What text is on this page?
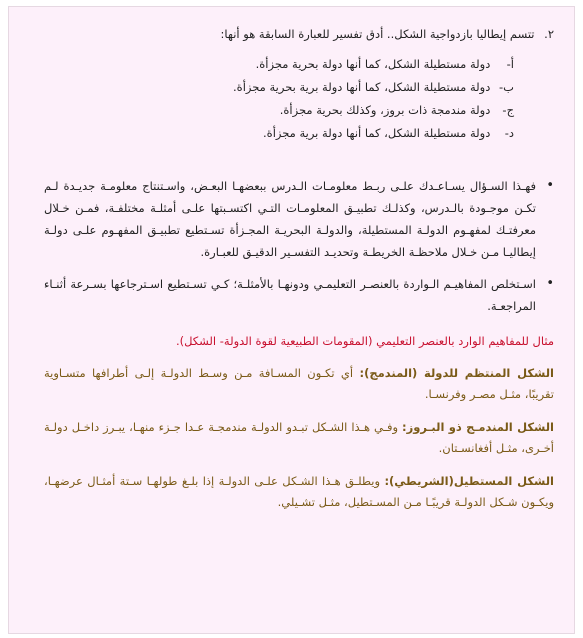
٢. تتسم إيطاليا بازدواجية الشكل.. أدق تفسير للعبارة السابقة هو أنها:
أ- دولة مستطيلة الشكل، كما أنها دولة بحرية مجزأة.
ب- دولة مستطيلة الشكل، كما أنها دولة برية بحرية مجزأة.
ج- دولة مندمجة ذات بروز، وكذلك بحرية مجزأة.
د- دولة مستطيلة الشكل، كما أنها دولة برية مجزأة.
•
فهـذا السـؤال يسـاعـدك علـى ربـط معلومـات الـدرس ببعضهـا البعـض، واسـتنتاج معلومـة جديـدة لـم تكـن موجـودة بالـدرس، وكذلـك تطبيـق المعلومـات التـي اكتسـبتها علـى أمثلـة مختلفـة، فمـن خـلال معرفتـك لمفهـوم الدولـة المستطيلة، والدولـة البحريـة المجـزأة تسـتطيع تطبيـق المفهـوم علـى دولـة إيطاليـا مـن خـلال ملاحظـة الخريطـة وتحديـد التفسـير الدقيـق للعبـارة.
•
اسـتخلص المفاهيـم الـواردة بالعنصـر التعليمـي ودونهـا بالأمثلـة؛ كـي تسـتطيع اسـترجاعها بسـرعة أثنـاء المراجعـة.
مثال للمفاهيم الوارد بالعنصر التعليمي (المقومات الطبيعية لقوة الدولة- الشكل).
الشكل المنتظم للدولة (المندمج): أي تكـون المسـافة مـن وسـط الدولـة إلـى أطرافها متسـاوية تقريبًا، مثـل مصـر وفرنسـا.
الشكل المندمـج ذو البـروز: وفـي هـذا الشـكل تبـدو الدولـة مندمجـة عـدا جـزء منهـا، يبـرز داخـل دولـة أخـرى، مثـل أفغانسـتان.
الشكل المستطيل(الشريطي): ويطلـق هـذا الشـكل علـى الدولـة إذا بلـغ طولهـا سـتة أمثـال عرضهـا، ويكـون شـكل الدولـة قريبًـا مـن المسـتطيل، مثـل تشـيلي.
